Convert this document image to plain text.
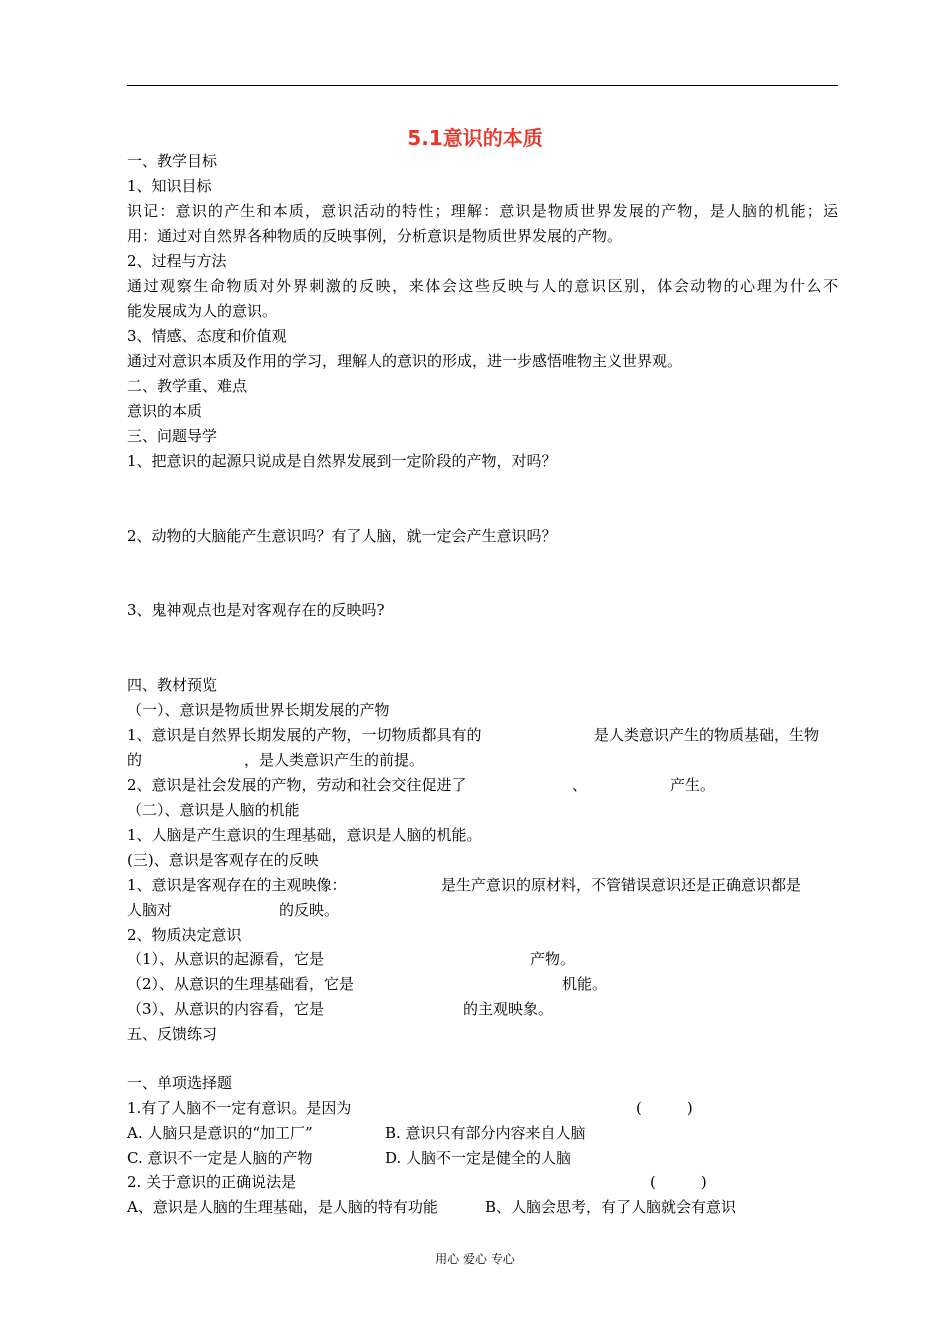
5.1意识的本质
一、教学目标
1、知识目标
识记：意识的产生和本质，意识活动的特性；理解：意识是物质世界发展的产物，是人脑的机能；运
用：通过对自然界各种物质的反映事例，分析意识是物质世界发展的产物。
2、过程与方法
通过观察生命物质对外界刺激的反映，来体会这些反映与人的意识区别，体会动物的心理为什么不
能发展成为人的意识。
3、情感、态度和价值观
通过对意识本质及作用的学习，理解人的意识的形成，进一步感悟唯物主义世界观。
二、教学重、难点
意识的本质
三、问题导学
1、把意识的起源只说成是自然界发展到一定阶段的产物，对吗？
2、动物的大脑能产生意识吗？有了人脑，就一定会产生意识吗？
3、鬼神观点也是对客观存在的反映吗?
四、教材预览
（一）、意识是物质世界长期发展的产物
1、意识是自然界长期发展的产物，一切物质都具有的	是人类意识产生的物质基础，生物
的	，是人类意识产生的前提。
2、意识是社会发展的产物，劳动和社会交往促进了	、	产生。
（二）、意识是人脑的机能
1、人脑是产生意识的生理基础，意识是人脑的机能。
(三)、意识是客观存在的反映
1、意识是客观存在的主观映像：	是生产意识的原材料，不管错误意识还是正确意识都是
人脑对	的反映。
2、物质决定意识
（1）、从意识的起源看，它是	产物。
（2）、从意识的生理基础看，它是	机能。
（3）、从意识的内容看，它是	的主观映象。
五、反馈练习
一、单项选择题
1.有了人脑不一定有意识。是因为	(　　　)
A. 人脑只是意识的“加工厂”	B. 意识只有部分内容来自人脑
C. 意识不一定是人脑的产物	D. 人脑不一定是健全的人脑
2. 关于意识的正确说法是	(　　　)
A、意识是人脑的生理基础，是人脑的特有功能	B、人脑会思考，有了人脑就会有意识
用心 爱心 专心
